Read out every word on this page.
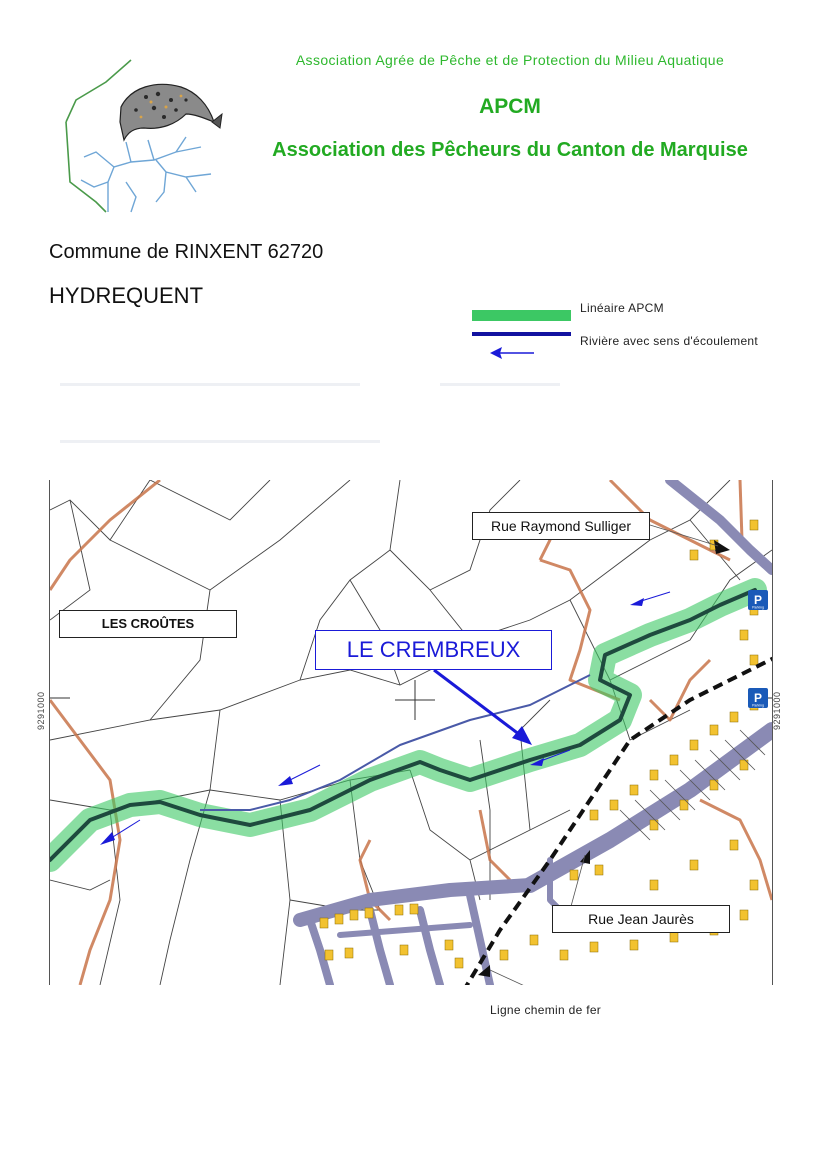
Association Agrée de Pêche et de Protection du Milieu Aquatique
APCM
Association des Pêcheurs du Canton de Marquise
Commune de RINXENT 62720
HYDREQUENT	Linéaire APCM
Rivière avec sens d'écoulement
P
Parking
P
Parking
Rue Raymond Sulliger
LES CROÛTES
LE CREMBREUX
Rue Jean Jaurès
Ligne chemin de fer
9291000	9291000
